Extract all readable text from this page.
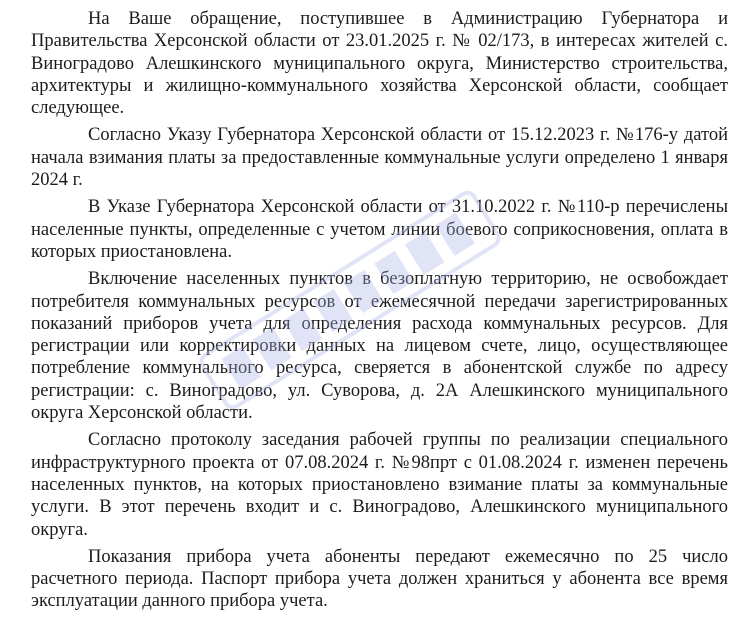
На Ваше обращение, поступившее в Администрацию Губернатора и Правительства Херсонской области от 23.01.2025 г. № 02/173, в интересах жителей с. Виноградово Алешкинского муниципального округа, Министерство строительства, архитектуры и жилищно-коммунального хозяйства Херсонской области, сообщает следующее.

Согласно Указу Губернатора Херсонской области от 15.12.2023 г. №176-у датой начала взимания платы за предоставленные коммунальные услуги определено 1 января 2024 г.

В Указе Губернатора Херсонской области от 31.10.2022 г. №110-р перечислены населенные пункты, определенные с учетом линии боевого соприкосновения, оплата в которых приостановлена.

Включение населенных пунктов в безоплатную территорию, не освобождает потребителя коммунальных ресурсов от ежемесячной передачи зарегистрированных показаний приборов учета для определения расхода коммунальных ресурсов. Для регистрации или корректировки данных на лицевом счете, лицо, осуществляющее потребление коммунального ресурса, сверяется в абонентской службе по адресу регистрации: с. Виноградово, ул. Суворова, д. 2А Алешкинского муниципального округа Херсонской области.

Согласно протоколу заседания рабочей группы по реализации специального инфраструктурного проекта от 07.08.2024 г. №98прт с 01.08.2024 г. изменен перечень населенных пунктов, на которых приостановлено взимание платы за коммунальные услуги. В этот перечень входит и с. Виноградово, Алешкинского муниципального округа.

Показания прибора учета абоненты передают ежемесячно по 25 число расчетного периода. Паспорт прибора учета должен храниться у абонента все время эксплуатации данного прибора учета.
